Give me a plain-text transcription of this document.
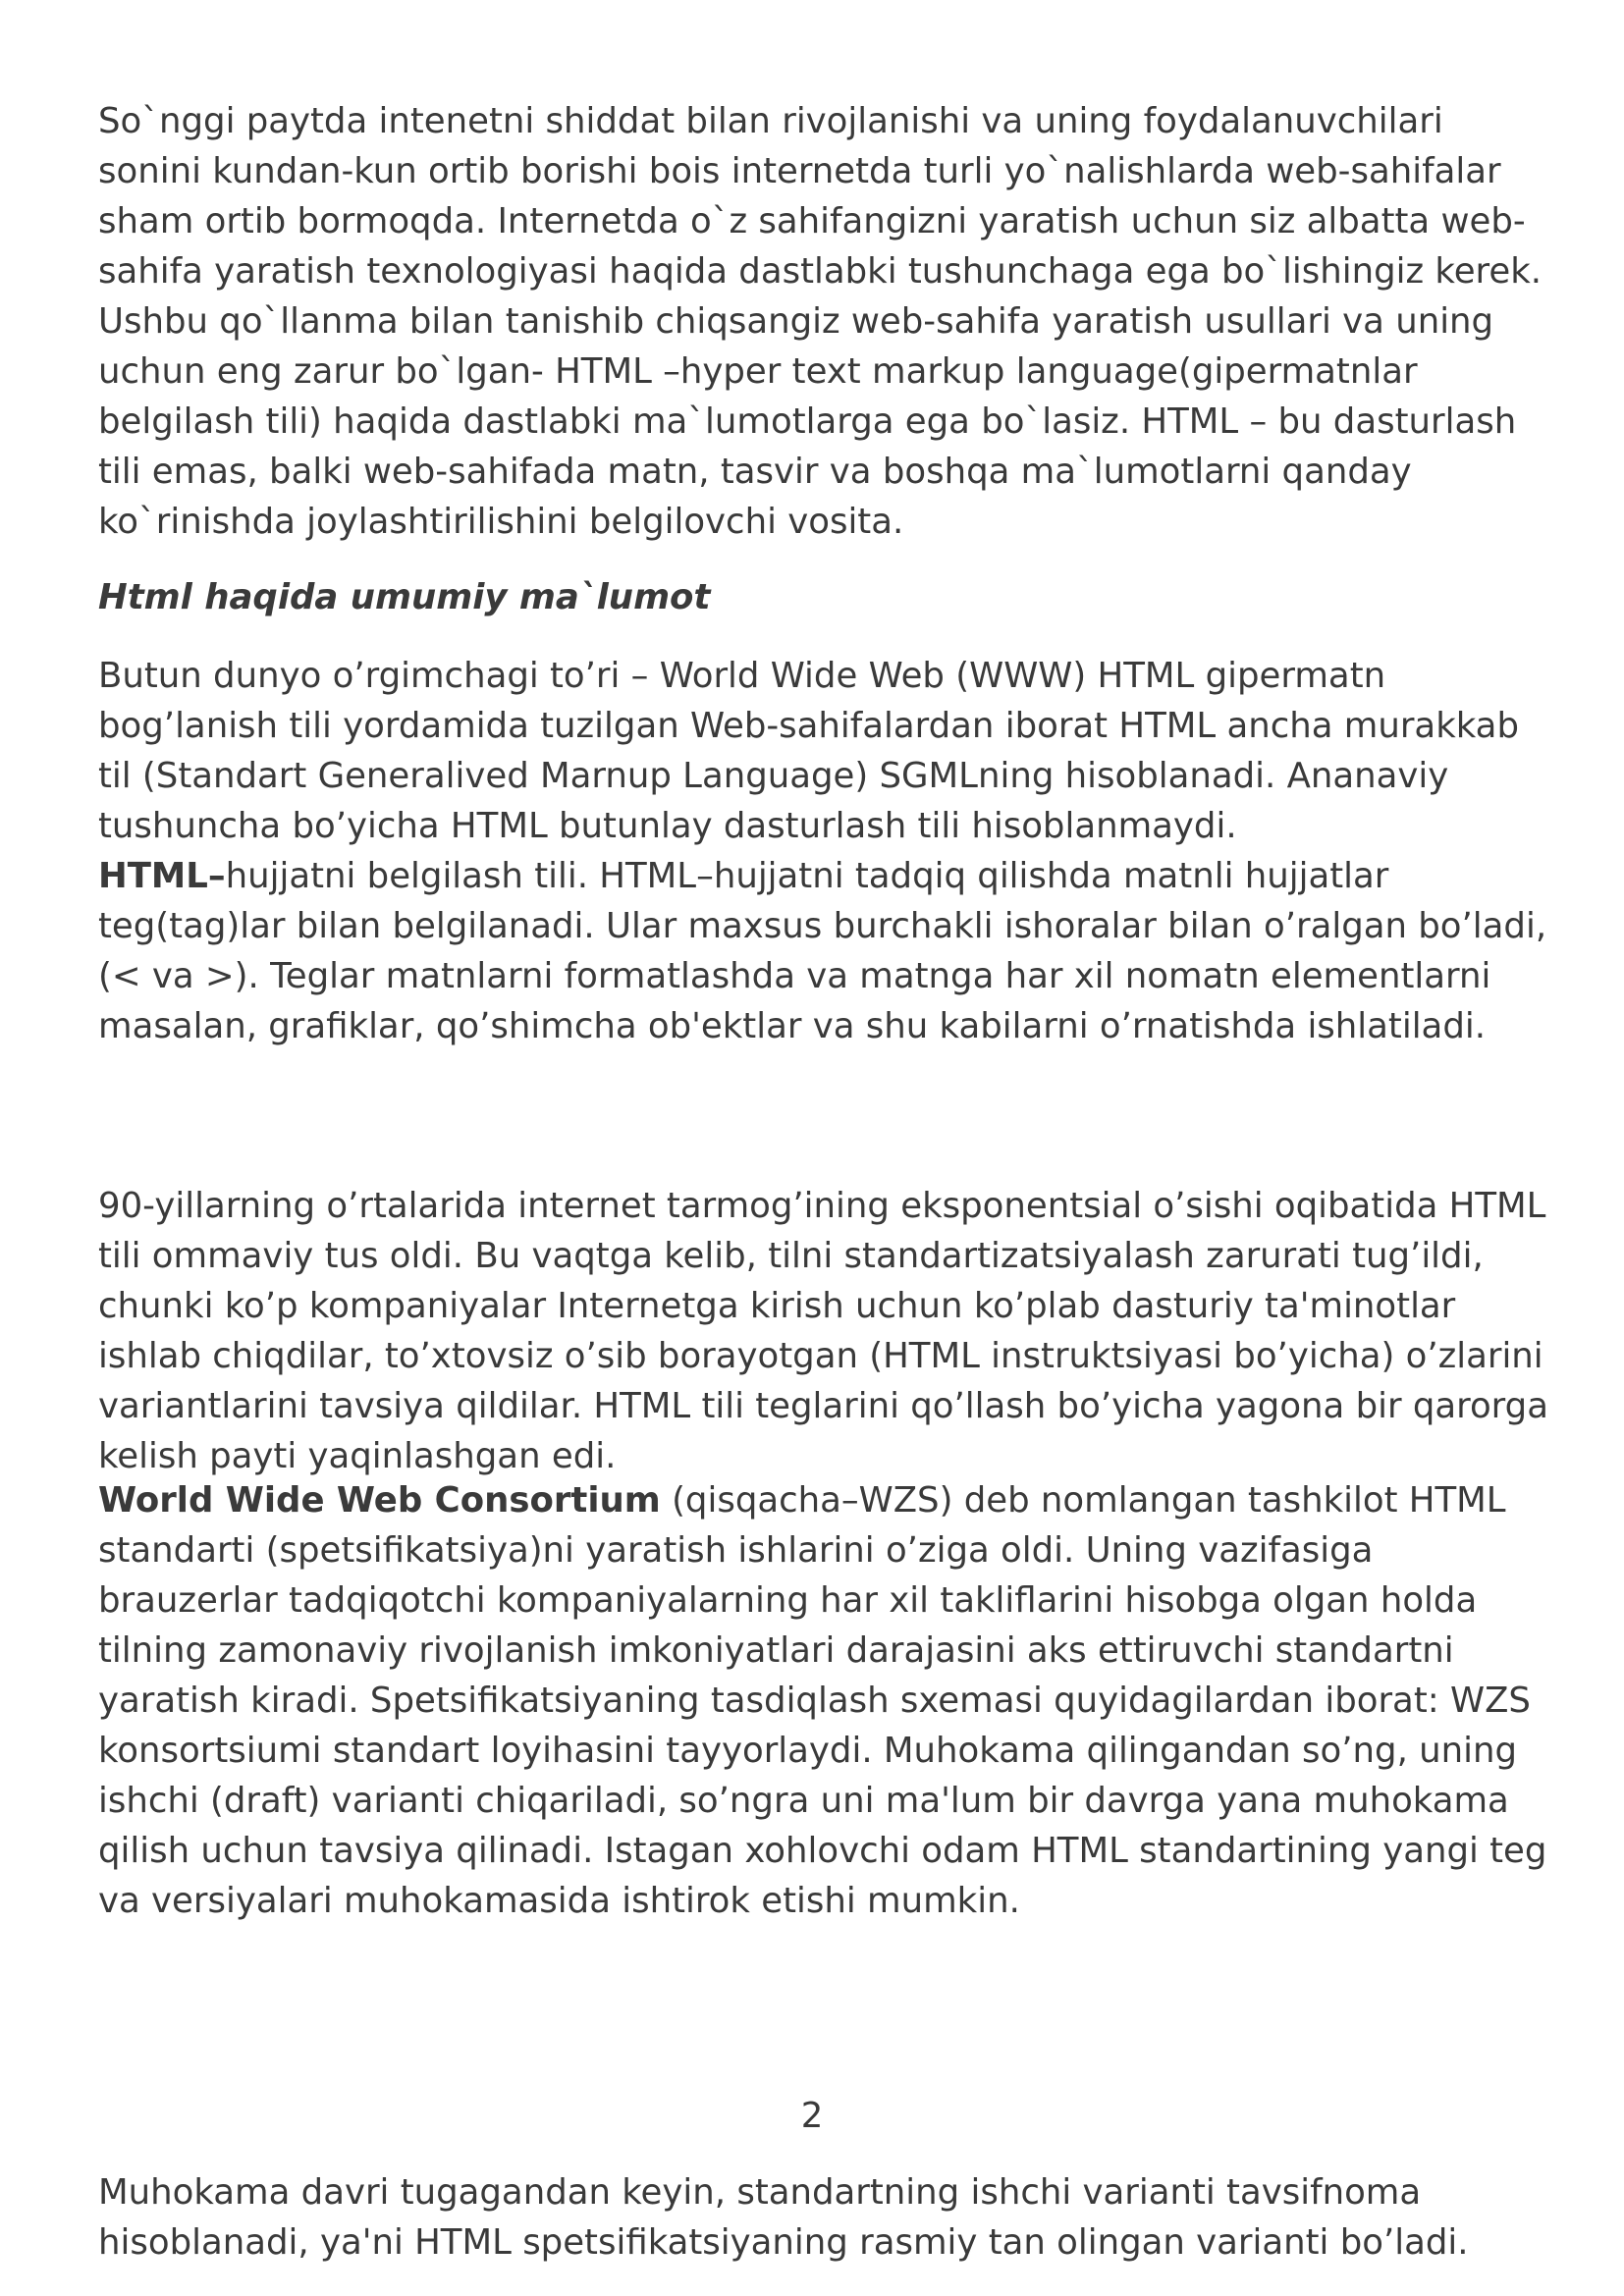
So`nggi paytda intenetni shiddat bilan rivojlanishi va uning foydalanuvchilari sonini kundan-kun ortib borishi bois internetda turli yo`nalishlarda web-sahifalar sham ortib bormoqda. Internetda o`z sahifangizni yaratish uchun siz albatta web-sahifa yaratish texnologiyasi haqida dastlabki tushunchaga ega bo`lishingiz kerek. Ushbu qo`llanma bilan tanishib chiqsangiz web-sahifa yaratish usullari va uning uchun eng zarur bo`lgan- HTML –hyper text markup language(gipermatnlar belgilash tili) haqida dastlabki ma`lumotlarga ega bo`lasiz. HTML – bu dasturlash tili emas, balki web-sahifada matn, tasvir va boshqa ma`lumotlarni qanday ko`rinishda joylashtirilishini belgilovchi vosita.

Html haqida umumiy ma`lumot

Butun dunyo o’rgimchagi to’ri – World Wide Web (WWW) HTML gipermatn bog’lanish tili yordamida tuzilgan Web-sahifalardan iborat HTML ancha murakkab til (Standart Generalived Marnup Language) SGMLning hisoblanadi. Ananaviy tushuncha bo’yicha HTML butunlay dasturlash tili hisoblanmaydi.
HTML–hujjatni belgilash tili. HTML–hujjatni tadqiq qilishda matnli hujjatlar teg(tag)lar bilan belgilanadi. Ular maxsus burchakli ishoralar bilan o’ralgan bo’ladi, (< va >). Teglar matnlarni formatlashda va matnga har xil nomatn elementlarni masalan, grafiklar, qo’shimcha ob'ektlar va shu kabilarni o’rnatishda ishlatiladi.

90-yillarning o’rtalarida internet tarmog’ining eksponentsial o’sishi oqibatida HTML tili ommaviy tus oldi. Bu vaqtga kelib, tilni standartizatsiyalash zarurati tug’ildi, chunki ko’p kompaniyalar Internetga kirish uchun ko’plab dasturiy ta'minotlar ishlab chiqdilar, to’xtovsiz o’sib borayotgan (HTML instruktsiyasi bo’yicha) o’zlarini variantlarini tavsiya qildilar. HTML tili teglarini qo’llash bo’yicha yagona bir qarorga kelish payti yaqinlashgan edi.

World Wide Web Consortium (qisqacha–WZS) deb nomlangan tashkilot HTML standarti (spetsifikatsiya)ni yaratish ishlarini o’ziga oldi. Uning vazifasiga brauzerlar tadqiqotchi kompaniyalarning har xil takliflarini hisobga olgan holda tilning zamonaviy rivojlanish imkoniyatlari darajasini aks ettiruvchi standartni yaratish kiradi. Spetsifikatsiyaning tasdiqlash sxemasi quyidagilardan iborat: WZS konsortsiumi standart loyihasini tayyorlaydi. Muhokama qilingandan so’ng, uning ishchi (draft) varianti chiqariladi, so’ngra uni ma'lum bir davrga yana muhokama qilish uchun tavsiya qilinadi. Istagan xohlovchi odam HTML standartining yangi teg va versiyalari muhokamasida ishtirok etishi mumkin.

2

Muhokama davri tugagandan keyin, standartning ishchi varianti tavsifnoma hisoblanadi, ya'ni HTML spetsifikatsiyaning rasmiy tan olingan varianti bo’ladi.
